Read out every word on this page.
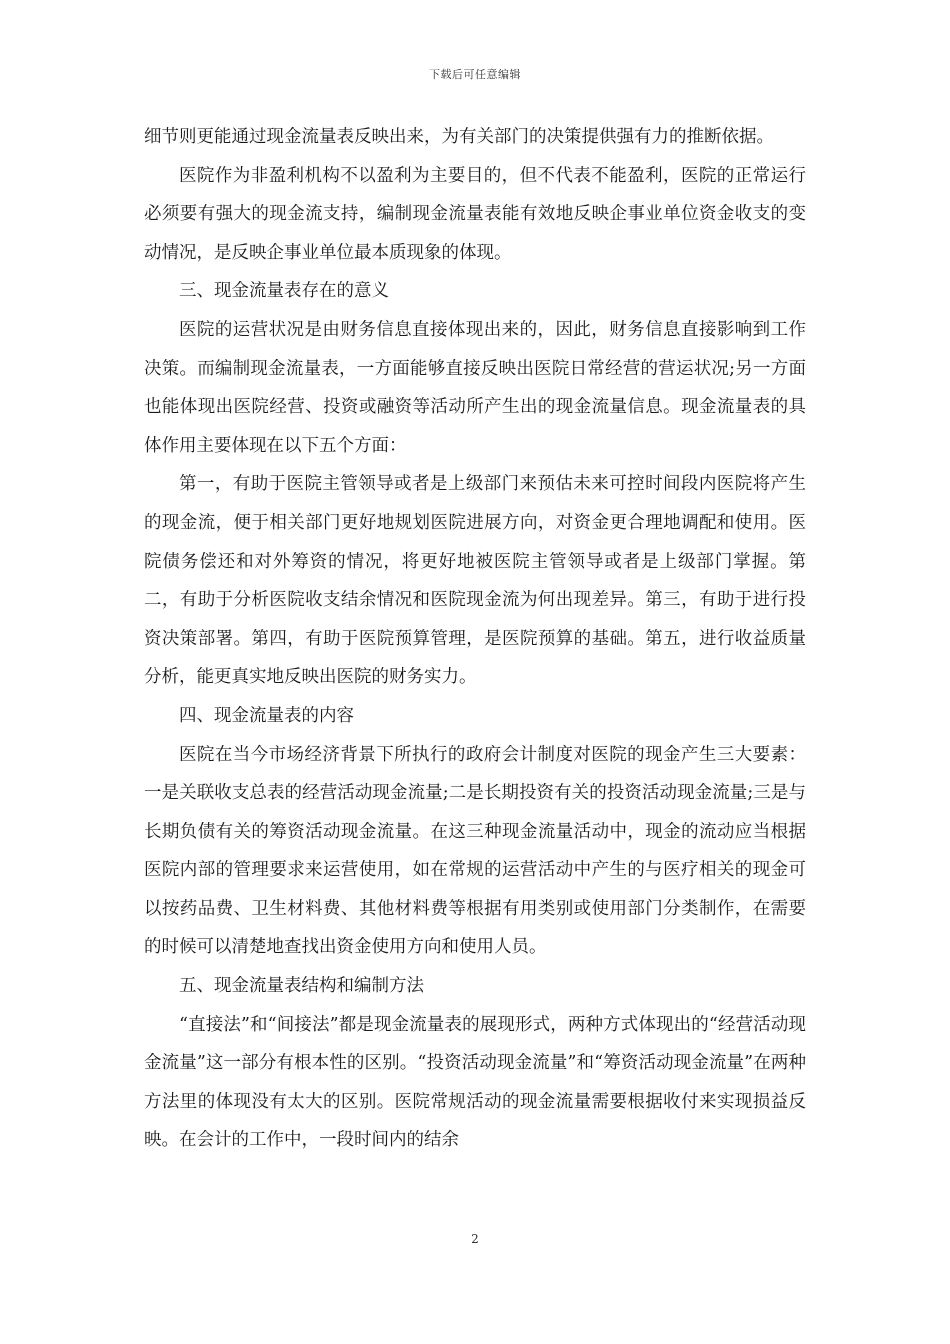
下载后可任意编辑

细节则更能通过现金流量表反映出来，为有关部门的决策提供强有力的推断依据。

医院作为非盈利机构不以盈利为主要目的，但不代表不能盈利，医院的正常运行必须要有强大的现金流支持，编制现金流量表能有效地反映企事业单位资金收支的变动情况，是反映企事业单位最本质现象的体现。

三、现金流量表存在的意义

医院的运营状况是由财务信息直接体现出来的，因此，财务信息直接影响到工作决策。而编制现金流量表，一方面能够直接反映出医院日常经营的营运状况;另一方面也能体现出医院经营、投资或融资等活动所产生出的现金流量信息。现金流量表的具体作用主要体现在以下五个方面：

第一，有助于医院主管领导或者是上级部门来预估未来可控时间段内医院将产生的现金流，便于相关部门更好地规划医院进展方向，对资金更合理地调配和使用。医院债务偿还和对外筹资的情况，将更好地被医院主管领导或者是上级部门掌握。第二，有助于分析医院收支结余情况和医院现金流为何出现差异。第三，有助于进行投资决策部署。第四，有助于医院预算管理，是医院预算的基础。第五，进行收益质量分析，能更真实地反映出医院的财务实力。

四、现金流量表的内容

医院在当今市场经济背景下所执行的政府会计制度对医院的现金产生三大要素：一是关联收支总表的经营活动现金流量;二是长期投资有关的投资活动现金流量;三是与长期负债有关的筹资活动现金流量。在这三种现金流量活动中，现金的流动应当根据医院内部的管理要求来运营使用，如在常规的运营活动中产生的与医疗相关的现金可以按药品费、卫生材料费、其他材料费等根据有用类别或使用部门分类制作，在需要的时候可以清楚地查找出资金使用方向和使用人员。

五、现金流量表结构和编制方法

“直接法”和“间接法”都是现金流量表的展现形式，两种方式体现出的“经营活动现金流量”这一部分有根本性的区别。“投资活动现金流量”和“筹资活动现金流量”在两种方法里的体现没有太大的区别。医院常规活动的现金流量需要根据收付来实现损益反映。在会计的工作中，一段时间内的结余

2
